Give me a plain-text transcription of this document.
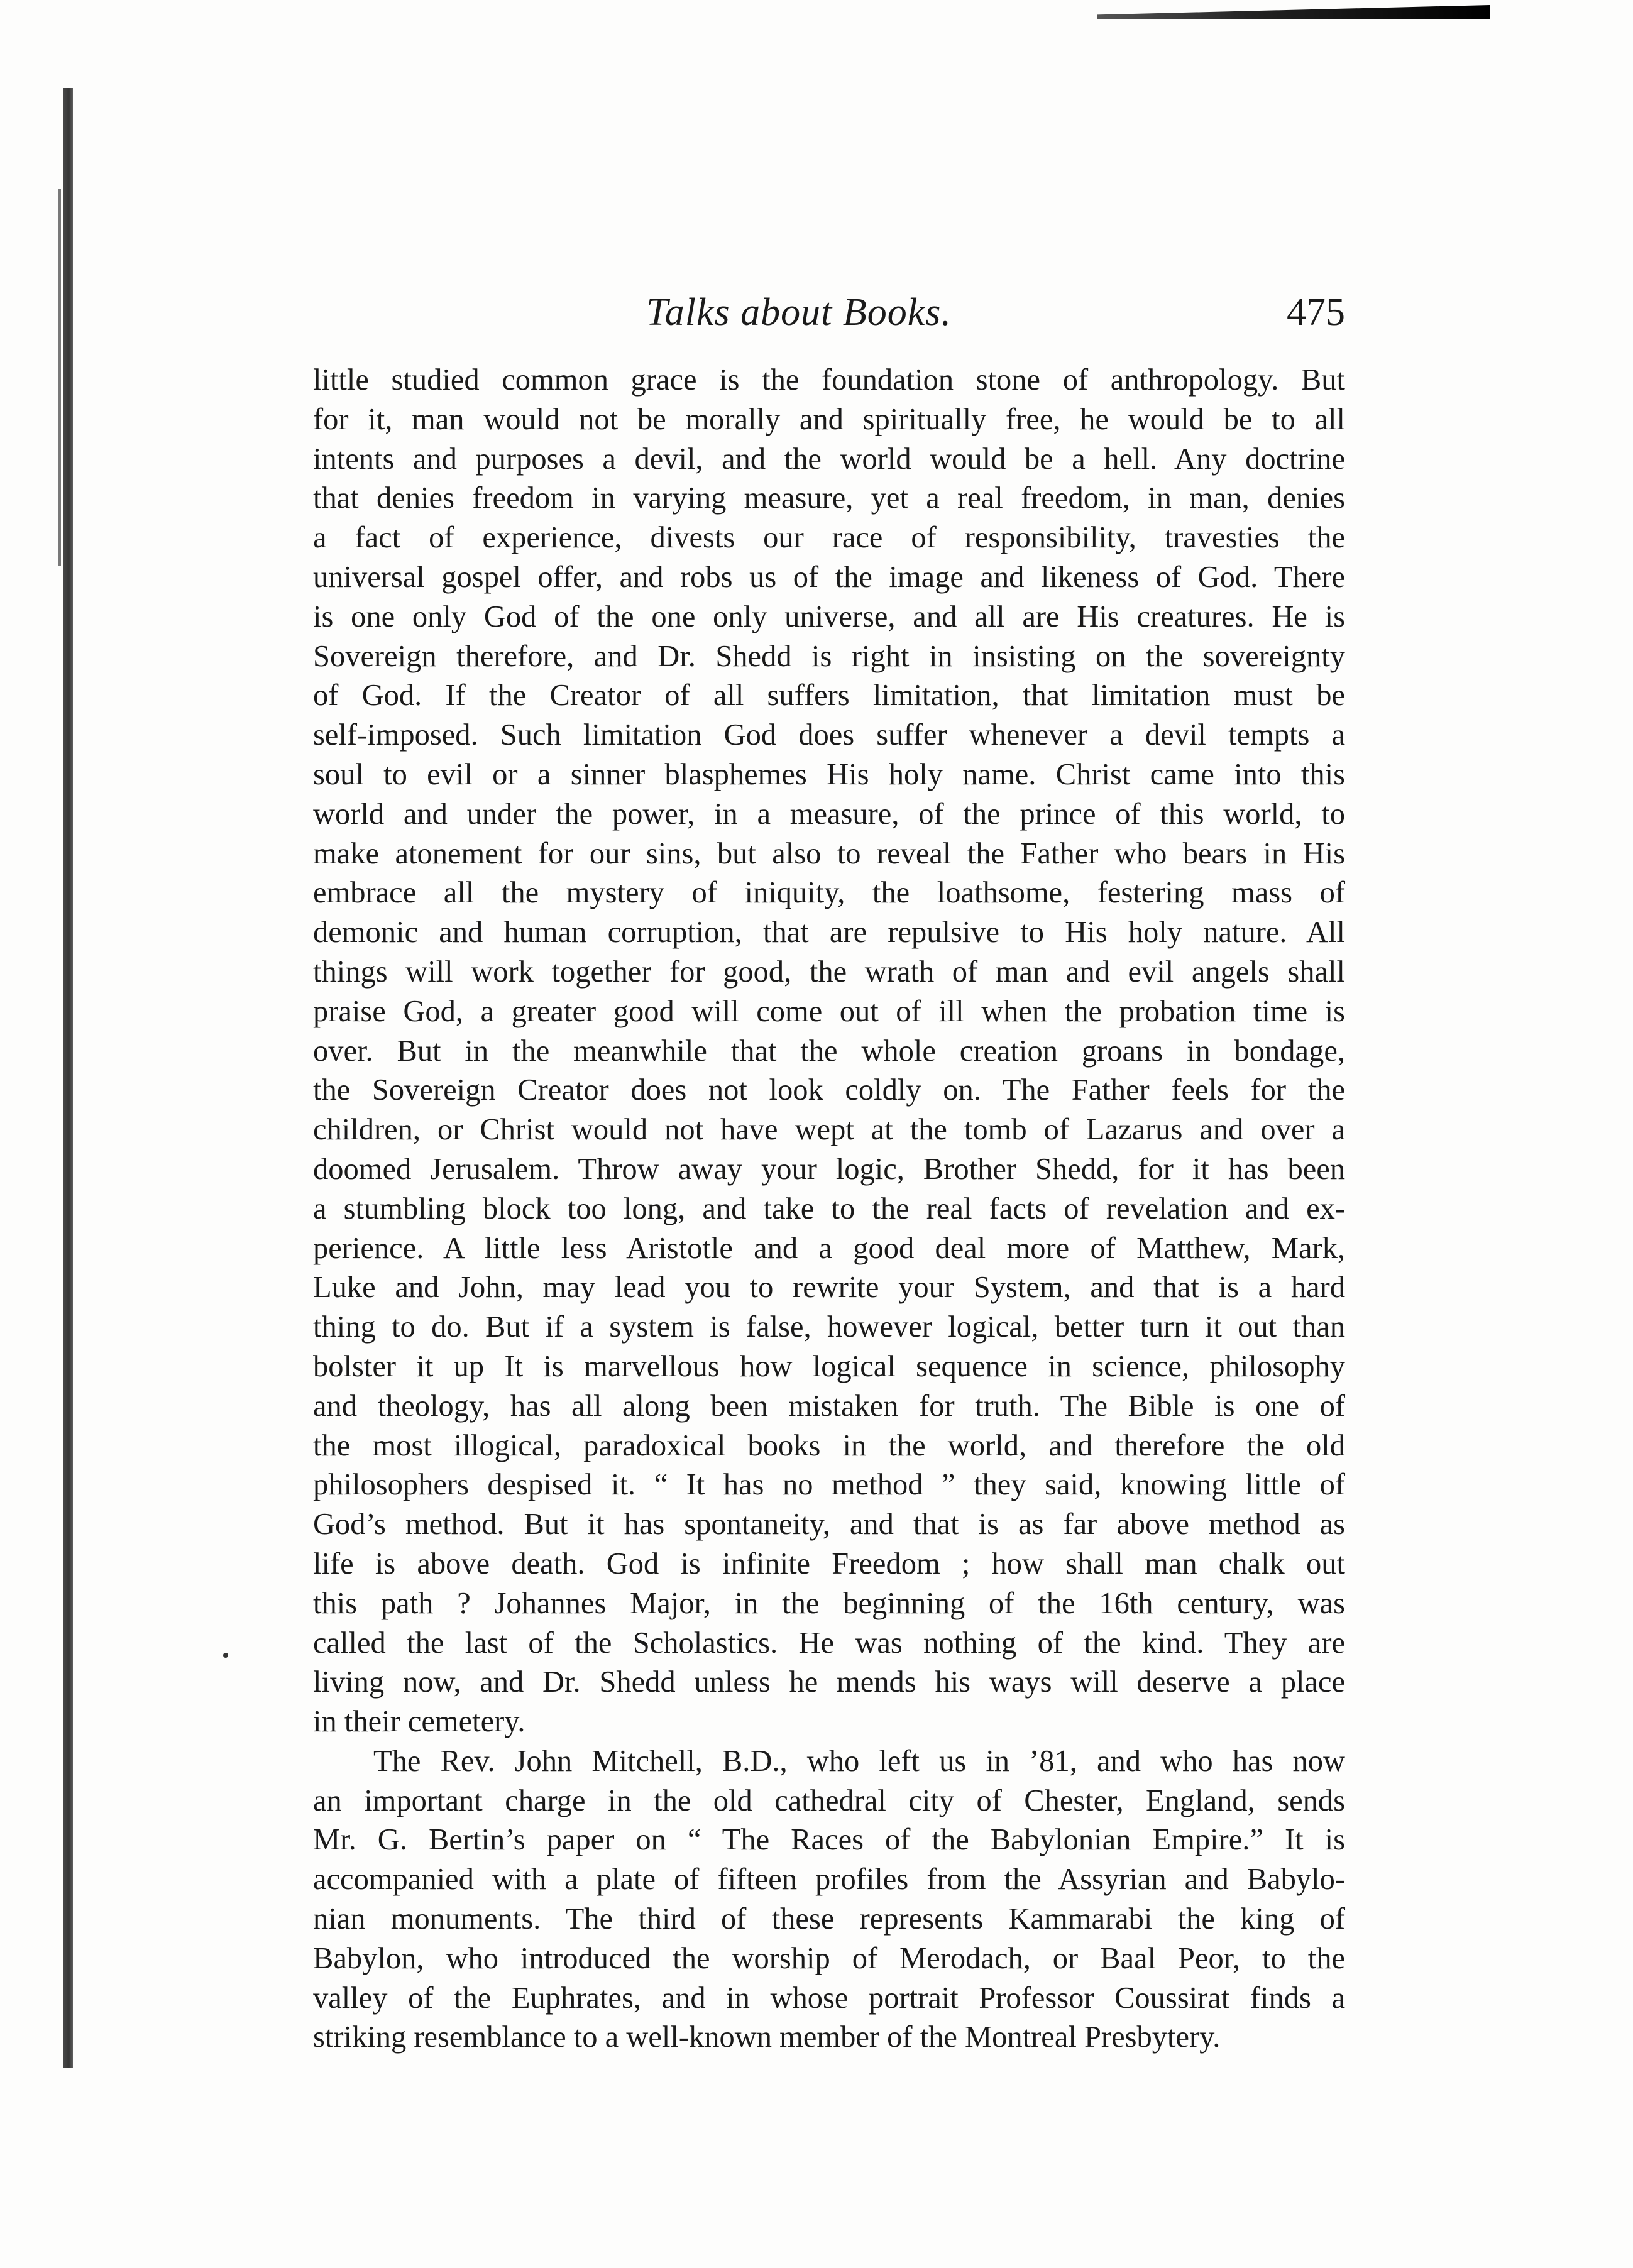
Talks about Books.	475
little studied common grace is the foundation stone of anthropology. But
for it, man would not be morally and spiritually free, he would be to all
intents and purposes a devil, and the world would be a hell. Any doctrine
that denies freedom in varying measure, yet a real freedom, in man, denies
a fact of experience, divests our race of responsibility, travesties the
universal gospel offer, and robs us of the image and likeness of God. There
is one only God of the one only universe, and all are His creatures. He is
Sovereign therefore, and Dr. Shedd is right in insisting on the sovereignty
of God. If the Creator of all suffers limitation, that limitation must be
self-imposed. Such limitation God does suffer whenever a devil tempts a
soul to evil or a sinner blasphemes His holy name. Christ came into this
world and under the power, in a measure, of the prince of this world, to
make atonement for our sins, but also to reveal the Father who bears in His
embrace all the mystery of iniquity, the loathsome, festering mass of
demonic and human corruption, that are repulsive to His holy nature. All
things will work together for good, the wrath of man and evil angels shall
praise God, a greater good will come out of ill when the probation time is
over. But in the meanwhile that the whole creation groans in bondage,
the Sovereign Creator does not look coldly on. The Father feels for the
children, or Christ would not have wept at the tomb of Lazarus and over a
doomed Jerusalem. Throw away your logic, Brother Shedd, for it has been
a stumbling block too long, and take to the real facts of revelation and ex-
perience. A little less Aristotle and a good deal more of Matthew, Mark,
Luke and John, may lead you to rewrite your System, and that is a hard
thing to do. But if a system is false, however logical, better turn it out than
bolster it up It is marvellous how logical sequence in science, philosophy
and theology, has all along been mistaken for truth. The Bible is one of
the most illogical, paradoxical books in the world, and therefore the old
philosophers despised it. “ It has no method ” they said, knowing little of
God’s method. But it has spontaneity, and that is as far above method as
life is above death. God is infinite Freedom ; how shall man chalk out
this path ? Johannes Major, in the beginning of the 16th century, was
called the last of the Scholastics. He was nothing of the kind. They are
living now, and Dr. Shedd unless he mends his ways will deserve a place
in their cemetery.
The Rev. John Mitchell, B.D., who left us in ’81, and who has now
an important charge in the old cathedral city of Chester, England, sends
Mr. G. Bertin’s paper on “ The Races of the Babylonian Empire.” It is
accompanied with a plate of fifteen profiles from the Assyrian and Babylo-
nian monuments. The third of these represents Kammarabi the king of
Babylon, who introduced the worship of Merodach, or Baal Peor, to the
valley of the Euphrates, and in whose portrait Professor Coussirat finds a
striking resemblance to a well-known member of the Montreal Presbytery.
